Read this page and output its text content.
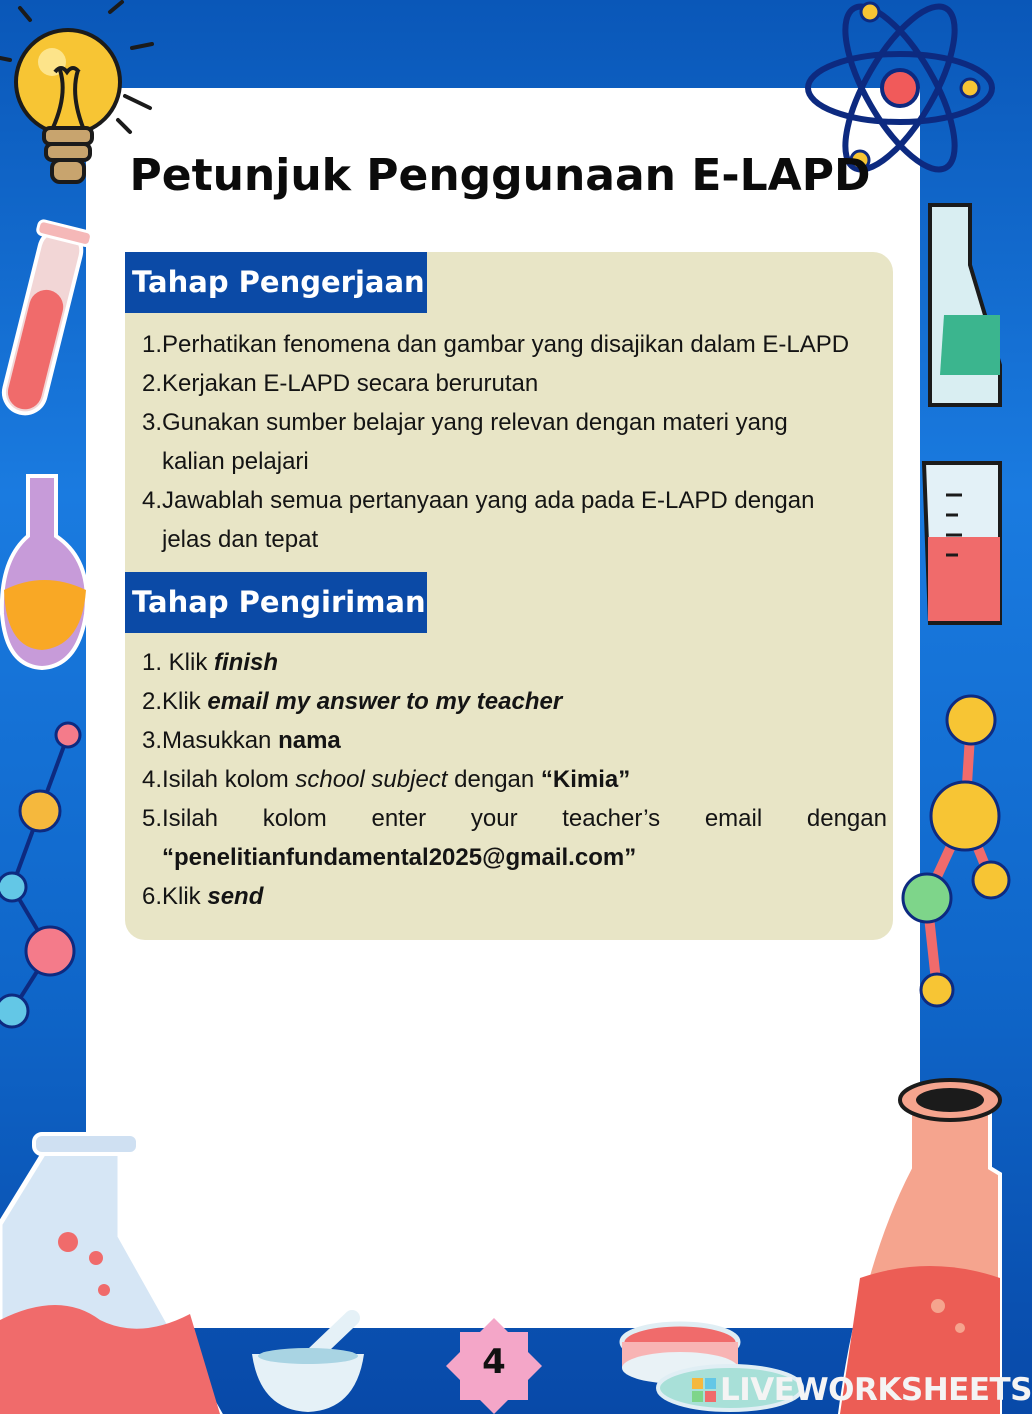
Petunjuk Penggunaan E-LAPD
Tahap Pengerjaan
1. Perhatikan fenomena dan gambar yang disajikan dalam E-LAPD
2. Kerjakan E-LAPD secara berurutan
3. Gunakan sumber belajar yang relevan dengan materi yang
kalian pelajari
4. Jawablah semua pertanyaan yang ada pada E-LAPD dengan
jelas dan tepat
Tahap Pengiriman
1. Klik finish
2. Klik email my answer to my teacher
3. Masukkan nama
4. Isilah kolom school subject dengan “Kimia”
5. Isilah kolom enter your teacher’s email dengan
“penelitianfundamental2025@gmail.com”
6. Klik send
4
LIVEWORKSHEETS
